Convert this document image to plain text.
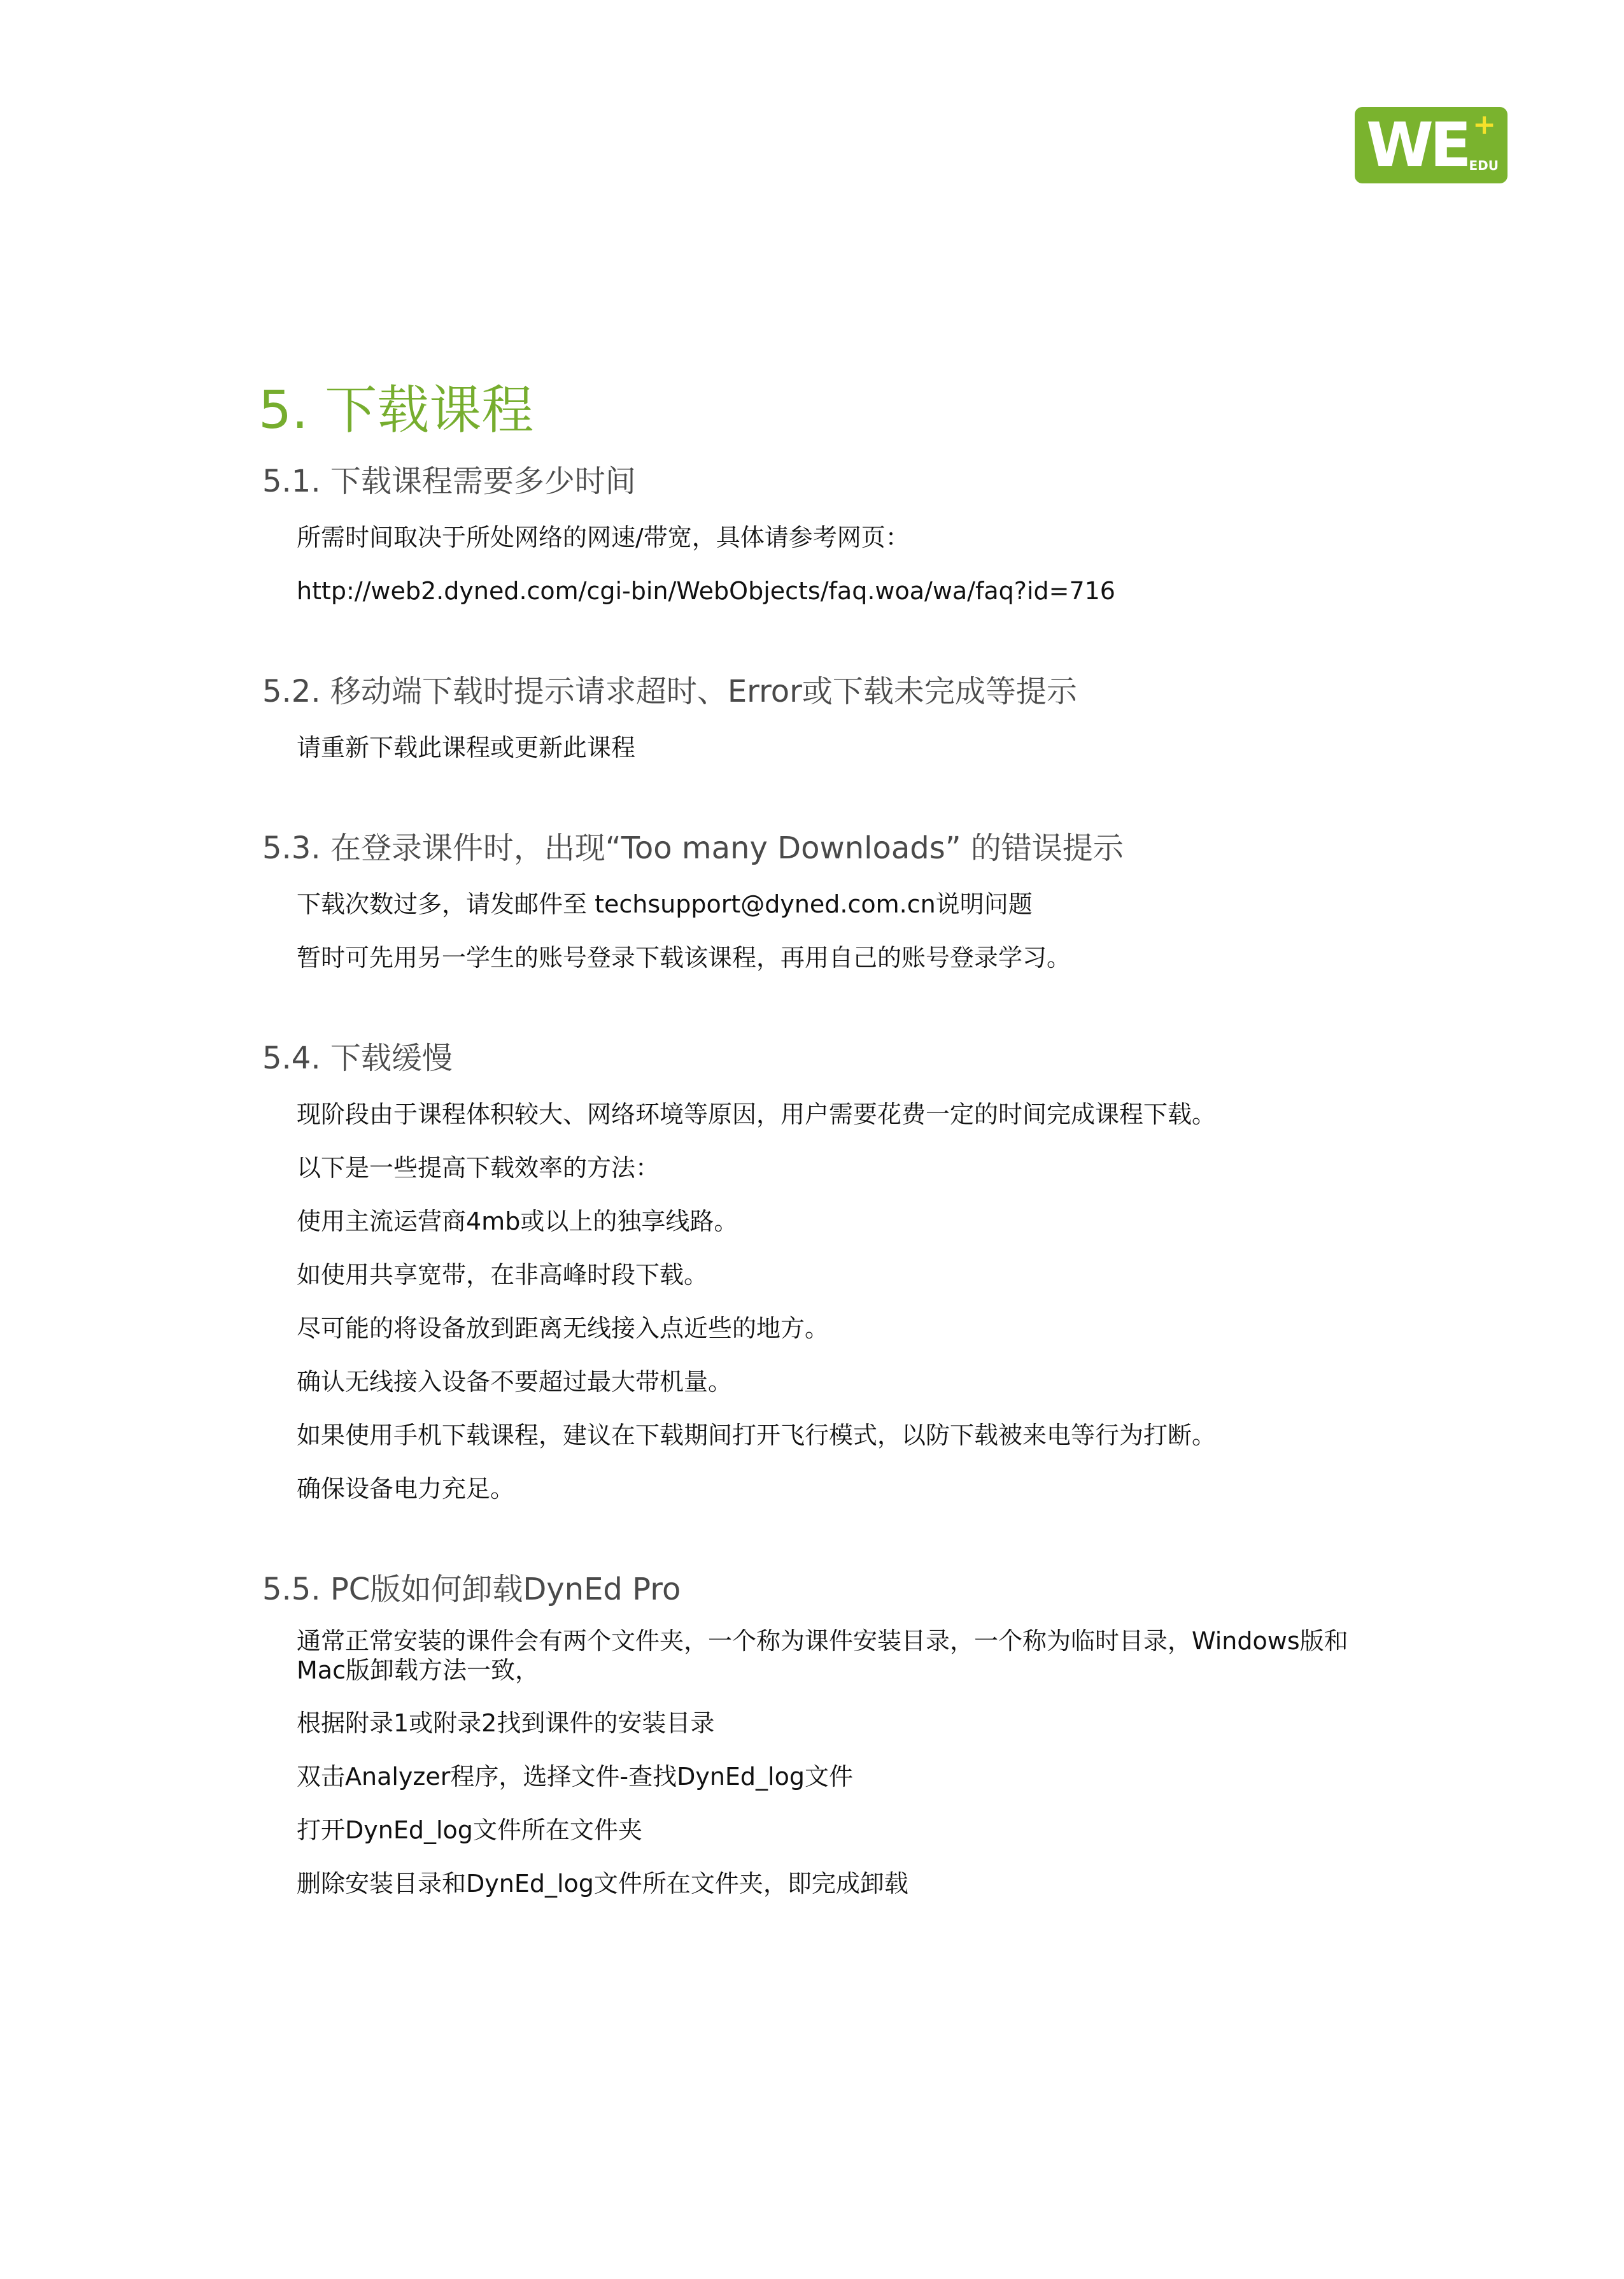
WE +
EDU
5. 下载课程
5.1. 下载课程需要多少时间

所需时间取决于所处网络的网速/带宽，具体请参考网页：

http://web2.dyned.com/cgi-bin/WebObjects/faq.woa/wa/faq?id=716

5.2. 移动端下载时提示请求超时、Error或下载未完成等提示

请重新下载此课程或更新此课程

5.3. 在登录课件时，出现“Too many Downloads” 的错误提示

下载次数过多，请发邮件至 techsupport@dyned.com.cn说明问题

暂时可先用另一学生的账号登录下载该课程，再用自己的账号登录学习。

5.4. 下载缓慢

现阶段由于课程体积较大、网络环境等原因，用户需要花费一定的时间完成课程下载。

以下是一些提高下载效率的方法：

使用主流运营商4mb或以上的独享线路。

如使用共享宽带，在非高峰时段下载。

尽可能的将设备放到距离无线接入点近些的地方。

确认无线接入设备不要超过最大带机量。

如果使用手机下载课程，建议在下载期间打开飞行模式，以防下载被来电等行为打断。

确保设备电力充足。

5.5. PC版如何卸载DynEd Pro

通常正常安装的课件会有两个文件夹，一个称为课件安装目录，一个称为临时目录，Windows版和Mac版卸载方法一致，

根据附录1或附录2找到课件的安装目录

双击Analyzer程序，选择文件-查找DynEd_log文件

打开DynEd_log文件所在文件夹

删除安装目录和DynEd_log文件所在文件夹，即完成卸载
